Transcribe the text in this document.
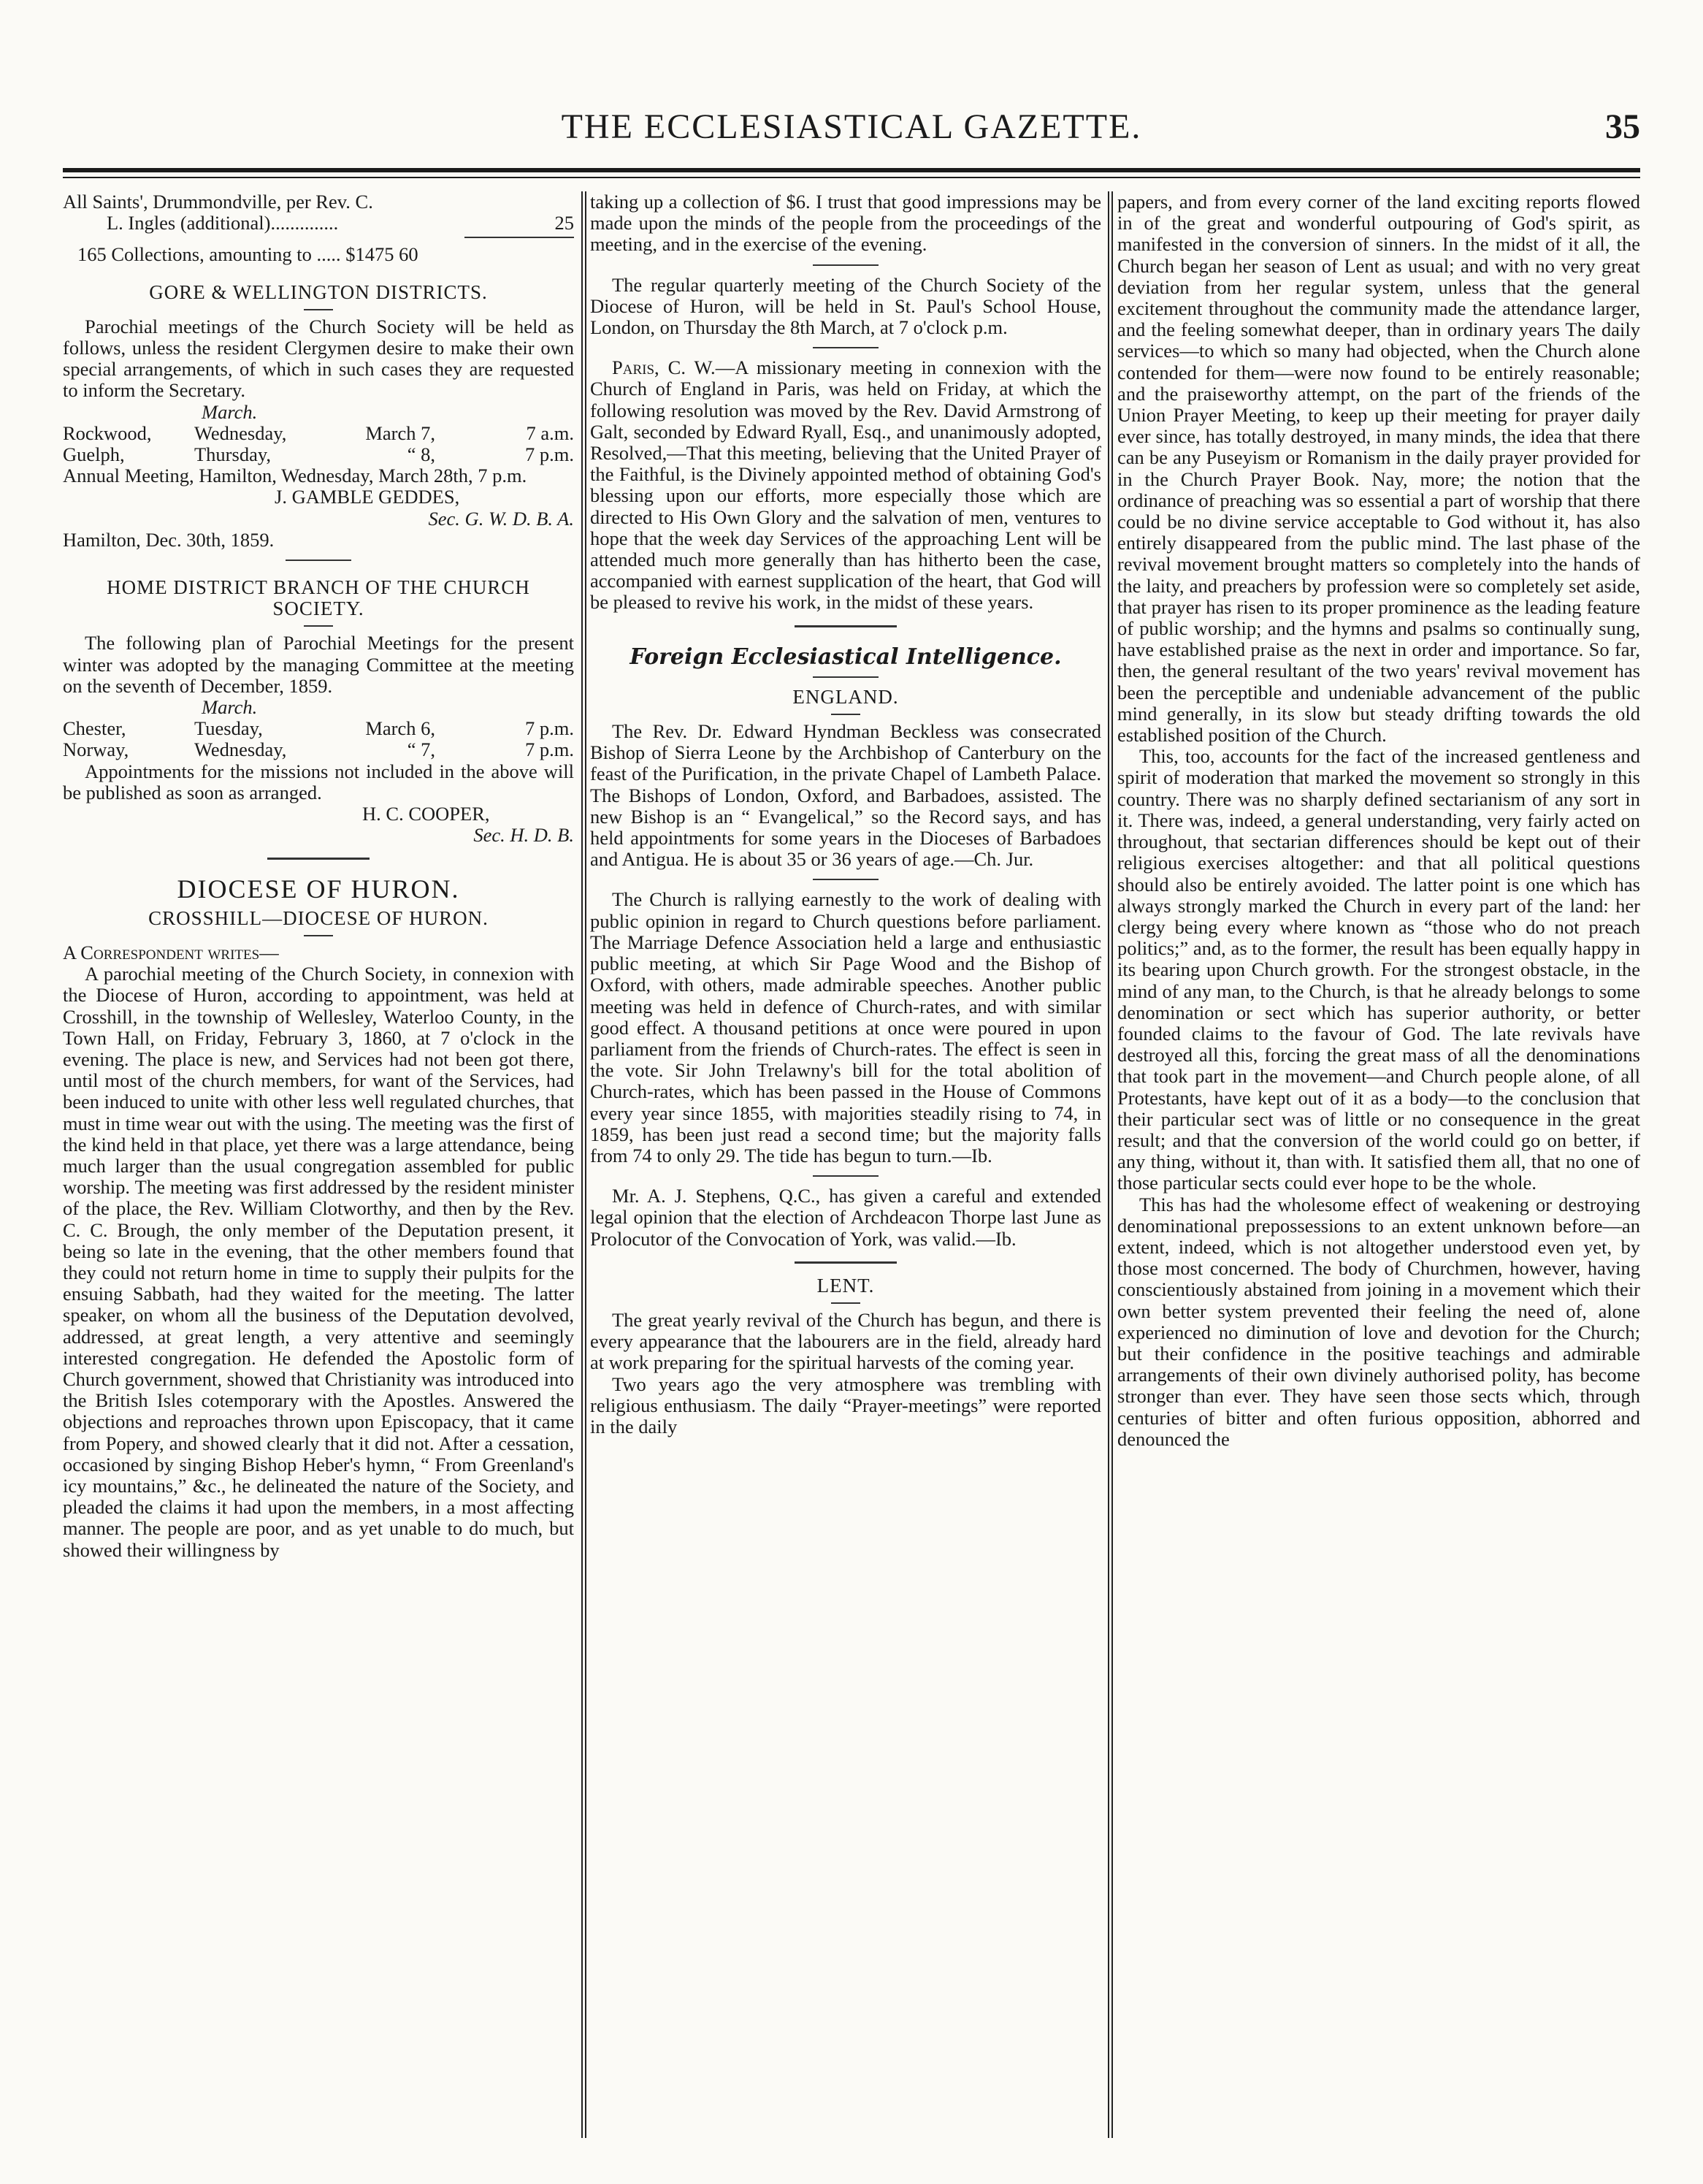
THE ECCLESIASTICAL GAZETTE.	35

All Saints', Drummondville, per Rev. C.

L. Ingles (additional)..............	25

165 Collections, amounting to ..... $1475 60

GORE & WELLINGTON DISTRICTS.

Parochial meetings of the Church Society will be held as follows, unless the resident Clergymen desire to make their own special arrangements, of which in such cases they are requested to inform the Secretary.

March.

Rockwood,	Wednesday,	March 7,	7 a.m.
Guelph,	Thursday,	“ 8,	7 p.m.

Annual Meeting, Hamilton, Wednesday, March 28th, 7 p.m.

J. GAMBLE GEDDES,

Sec. G. W. D. B. A.

Hamilton, Dec. 30th, 1859.

HOME DISTRICT BRANCH OF THE CHURCH SOCIETY.

The following plan of Parochial Meetings for the present winter was adopted by the managing Committee at the meeting on the seventh of December, 1859.

March.

Chester,	Tuesday,	March 6,	7 p.m.
Norway,	Wednesday,	“ 7,	7 p.m.

Appointments for the missions not included in the above will be published as soon as arranged.

H. C. COOPER,

Sec. H. D. B.

DIOCESE OF HURON.

CROSSHILL—DIOCESE OF HURON.

A Correspondent writes—

A parochial meeting of the Church Society, in connexion with the Diocese of Huron, according to appointment, was held at Crosshill, in the township of Wellesley, Waterloo County, in the Town Hall, on Friday, February 3, 1860, at 7 o'clock in the evening. The place is new, and Services had not been got there, until most of the church members, for want of the Services, had been induced to unite with other less well regulated churches, that must in time wear out with the using. The meeting was the first of the kind held in that place, yet there was a large attendance, being much larger than the usual congregation assembled for public worship. The meeting was first addressed by the resident minister of the place, the Rev. William Clotworthy, and then by the Rev. C. C. Brough, the only member of the Deputation present, it being so late in the evening, that the other members found that they could not return home in time to supply their pulpits for the ensuing Sabbath, had they waited for the meeting. The latter speaker, on whom all the business of the Deputation devolved, addressed, at great length, a very attentive and seemingly interested congregation. He defended the Apostolic form of Church government, showed that Christianity was introduced into the British Isles cotemporary with the Apostles. Answered the objections and reproaches thrown upon Episcopacy, that it came from Popery, and showed clearly that it did not. After a cessation, occasioned by singing Bishop Heber's hymn, “ From Greenland's icy mountains,” &c., he delineated the nature of the Society, and pleaded the claims it had upon the members, in a most affecting manner. The people are poor, and as yet unable to do much, but showed their willingness by

taking up a collection of $6. I trust that good impressions may be made upon the minds of the people from the proceedings of the meeting, and in the exercise of the evening.

The regular quarterly meeting of the Church Society of the Diocese of Huron, will be held in St. Paul's School House, London, on Thursday the 8th March, at 7 o'clock p.m.

Paris, C. W.—A missionary meeting in connexion with the Church of England in Paris, was held on Friday, at which the following resolution was moved by the Rev. David Armstrong of Galt, seconded by Edward Ryall, Esq., and unanimously adopted, Resolved,—That this meeting, believing that the United Prayer of the Faithful, is the Divinely appointed method of obtaining God's blessing upon our efforts, more especially those which are directed to His Own Glory and the salvation of men, ventures to hope that the week day Services of the approaching Lent will be attended much more generally than has hitherto been the case, accompanied with earnest supplication of the heart, that God will be pleased to revive his work, in the midst of these years.

Foreign Ecclesiastical Intelligence.

ENGLAND.

The Rev. Dr. Edward Hyndman Beckless was consecrated Bishop of Sierra Leone by the Archbishop of Canterbury on the feast of the Purification, in the private Chapel of Lambeth Palace. The Bishops of London, Oxford, and Barbadoes, assisted. The new Bishop is an “ Evangelical,” so the Record says, and has held appointments for some years in the Dioceses of Barbadoes and Antigua. He is about 35 or 36 years of age.—Ch. Jur.

The Church is rallying earnestly to the work of dealing with public opinion in regard to Church questions before parliament. The Marriage Defence Association held a large and enthusiastic public meeting, at which Sir Page Wood and the Bishop of Oxford, with others, made admirable speeches. Another public meeting was held in defence of Church-rates, and with similar good effect. A thousand petitions at once were poured in upon parliament from the friends of Church-rates. The effect is seen in the vote. Sir John Trelawny's bill for the total abolition of Church-rates, which has been passed in the House of Commons every year since 1855, with majorities steadily rising to 74, in 1859, has been just read a second time; but the majority falls from 74 to only 29. The tide has begun to turn.—Ib.

Mr. A. J. Stephens, Q.C., has given a careful and extended legal opinion that the election of Archdeacon Thorpe last June as Prolocutor of the Convocation of York, was valid.—Ib.

LENT.

The great yearly revival of the Church has begun, and there is every appearance that the labourers are in the field, already hard at work preparing for the spiritual harvests of the coming year.

Two years ago the very atmosphere was trembling with religious enthusiasm. The daily “Prayer-meetings” were reported in the daily

papers, and from every corner of the land exciting reports flowed in of the great and wonderful outpouring of God's spirit, as manifested in the conversion of sinners. In the midst of it all, the Church began her season of Lent as usual; and with no very great deviation from her regular system, unless that the general excitement throughout the community made the attendance larger, and the feeling somewhat deeper, than in ordinary years The daily services—to which so many had objected, when the Church alone contended for them—were now found to be entirely reasonable; and the praiseworthy attempt, on the part of the friends of the Union Prayer Meeting, to keep up their meeting for prayer daily ever since, has totally destroyed, in many minds, the idea that there can be any Puseyism or Romanism in the daily prayer provided for in the Church Prayer Book. Nay, more; the notion that the ordinance of preaching was so essential a part of worship that there could be no divine service acceptable to God without it, has also entirely disappeared from the public mind. The last phase of the revival movement brought matters so completely into the hands of the laity, and preachers by profession were so completely set aside, that prayer has risen to its proper prominence as the leading feature of public worship; and the hymns and psalms so continually sung, have established praise as the next in order and importance. So far, then, the general resultant of the two years' revival movement has been the perceptible and undeniable advancement of the public mind generally, in its slow but steady drifting towards the old established position of the Church.

This, too, accounts for the fact of the increased gentleness and spirit of moderation that marked the movement so strongly in this country. There was no sharply defined sectarianism of any sort in it. There was, indeed, a general understanding, very fairly acted on throughout, that sectarian differences should be kept out of their religious exercises altogether: and that all political questions should also be entirely avoided. The latter point is one which has always strongly marked the Church in every part of the land: her clergy being every where known as “those who do not preach politics;” and, as to the former, the result has been equally happy in its bearing upon Church growth. For the strongest obstacle, in the mind of any man, to the Church, is that he already belongs to some denomination or sect which has superior authority, or better founded claims to the favour of God. The late revivals have destroyed all this, forcing the great mass of all the denominations that took part in the movement—and Church people alone, of all Protestants, have kept out of it as a body—to the conclusion that their particular sect was of little or no consequence in the great result; and that the conversion of the world could go on better, if any thing, without it, than with. It satisfied them all, that no one of those particular sects could ever hope to be the whole.

This has had the wholesome effect of weakening or destroying denominational prepossessions to an extent unknown before—an extent, indeed, which is not altogether understood even yet, by those most concerned. The body of Churchmen, however, having conscientiously abstained from joining in a movement which their own better system prevented their feeling the need of, alone experienced no diminution of love and devotion for the Church; but their confidence in the positive teachings and admirable arrangements of their own divinely authorised polity, has become stronger than ever. They have seen those sects which, through centuries of bitter and often furious opposition, abhorred and denounced the
